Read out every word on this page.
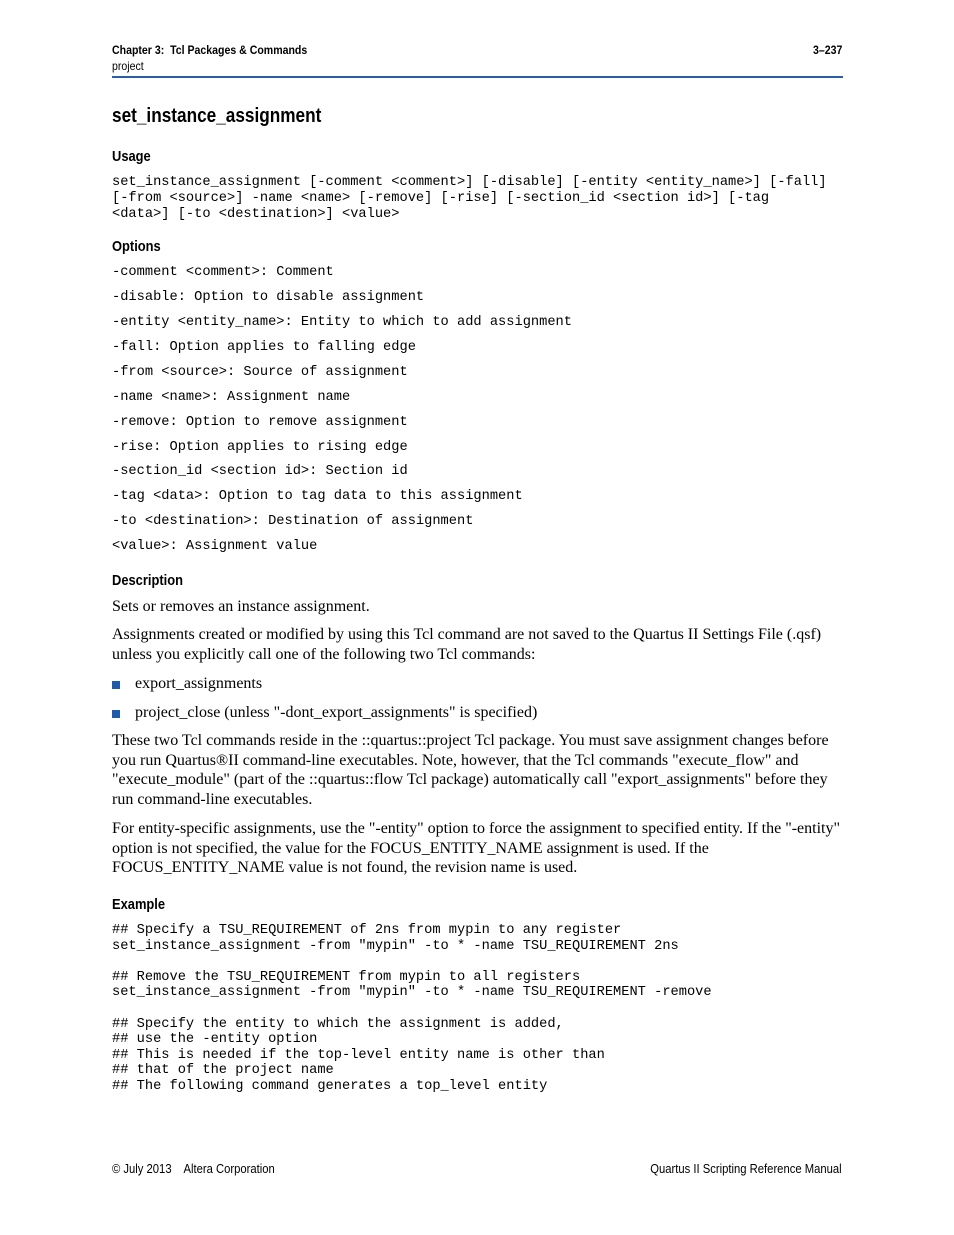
Chapter 3:  Tcl Packages & Commands	3–237
project
set_instance_assignment
Usage
set_instance_assignment [-comment <comment>] [-disable] [-entity <entity_name>] [-fall]
[-from <source>] -name <name> [-remove] [-rise] [-section_id <section id>] [-tag
<data>] [-to <destination>] <value>
Options
-comment <comment>: Comment
-disable: Option to disable assignment
-entity <entity_name>: Entity to which to add assignment
-fall: Option applies to falling edge
-from <source>: Source of assignment
-name <name>: Assignment name
-remove: Option to remove assignment
-rise: Option applies to rising edge
-section_id <section id>: Section id
-tag <data>: Option to tag data to this assignment
-to <destination>: Destination of assignment
<value>: Assignment value
Description

Sets or removes an instance assignment.

Assignments created or modified by using this Tcl command are not saved to the Quartus II Settings File (.qsf) unless you explicitly call one of the following two Tcl commands:

export_assignments
project_close (unless "-dont_export_assignments" is specified)

These two Tcl commands reside in the ::quartus::project Tcl package. You must save assignment changes before you run Quartus®II command-line executables. Note, however, that the Tcl commands "execute_flow" and "execute_module" (part of the ::quartus::flow Tcl package) automatically call "export_assignments" before they run command-line executables.

For entity-specific assignments, use the "-entity" option to force the assignment to specified entity. If the "-entity" option is not specified, the value for the FOCUS_ENTITY_NAME assignment is used. If the FOCUS_ENTITY_NAME value is not found, the revision name is used.

Example
## Specify a TSU_REQUIREMENT of 2ns from mypin to any register
set_instance_assignment -from "mypin" -to * -name TSU_REQUIREMENT 2ns

## Remove the TSU_REQUIREMENT from mypin to all registers
set_instance_assignment -from "mypin" -to * -name TSU_REQUIREMENT -remove

## Specify the entity to which the assignment is added,
## use the -entity option
## This is needed if the top-level entity name is other than
## that of the project name
## The following command generates a top_level entity
© July 2013    Altera Corporation	Quartus II Scripting Reference Manual
